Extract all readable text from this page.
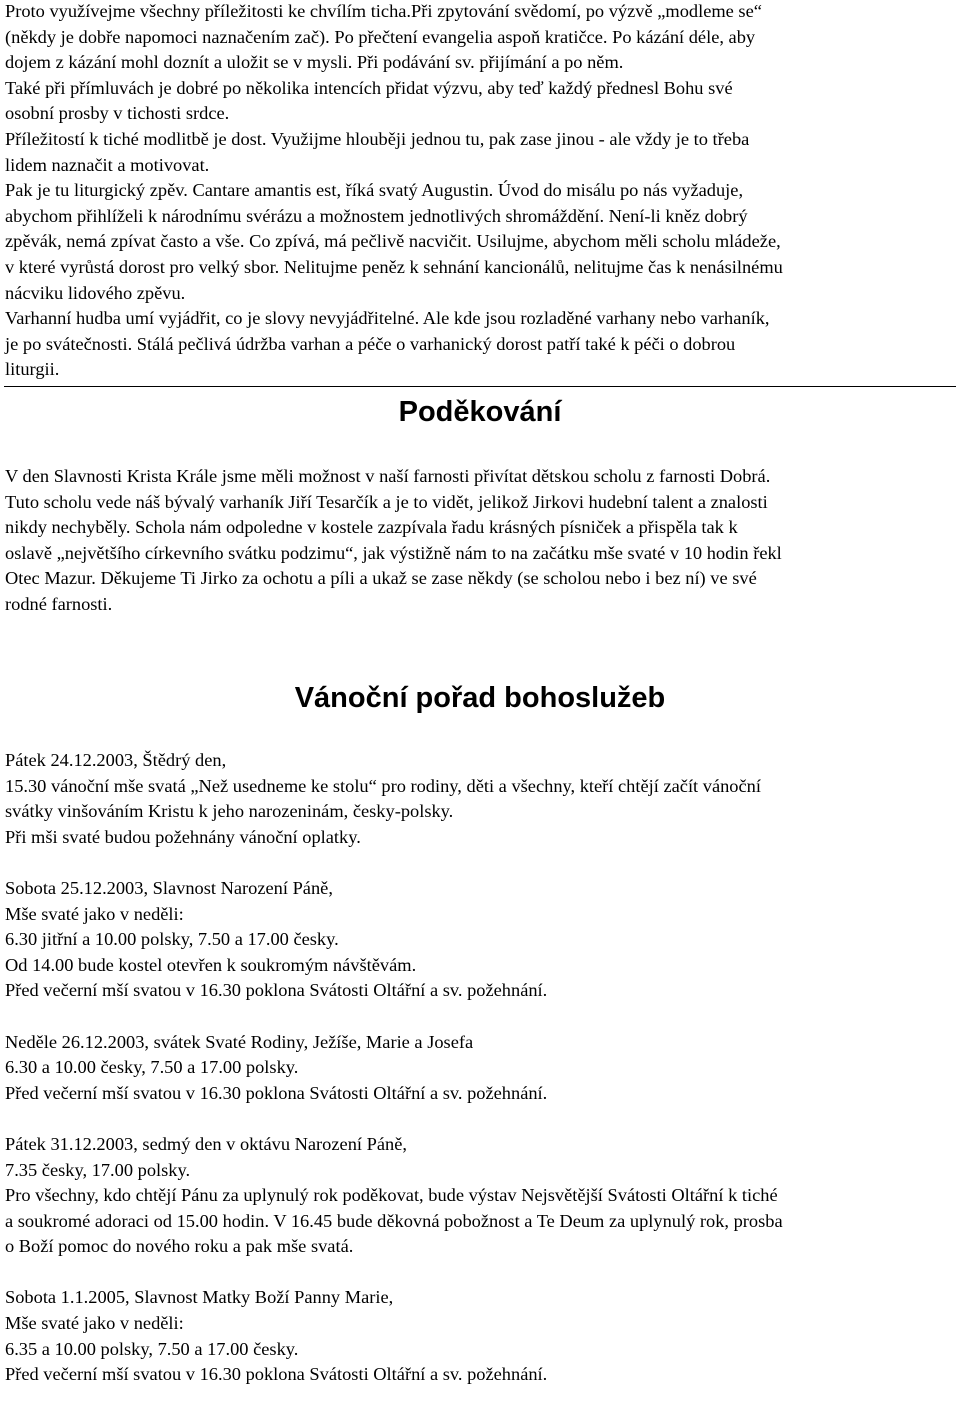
Proto využívejme všechny příležitosti ke chvílím ticha.Při zpytování svědomí, po výzvě „modleme se“
(někdy je dobře napomoci naznačením zač). Po přečtení evangelia aspoň kratičce. Po kázání déle, aby
dojem z kázání mohl doznít a uložit se v mysli. Při podávání sv. přijímání a po něm.
Také při přímluvách je dobré po několika intencích přidat výzvu, aby teď každý přednesl Bohu své
osobní prosby v tichosti srdce.
Příležitostí k tiché modlitbě je dost. Využijme hlouběji jednou tu, pak zase jinou - ale vždy je to třeba
lidem naznačit a motivovat.
Pak je tu liturgický zpěv. Cantare amantis est, říká svatý Augustin. Úvod do misálu po nás vyžaduje,
abychom přihlíželi k národnímu svérázu a možnostem jednotlivých shromáždění. Není-li kněz dobrý
zpěvák, nemá zpívat často a vše. Co zpívá, má pečlivě nacvičit. Usilujme, abychom měli scholu mládeže,
v které vyrůstá dorost pro velký sbor. Nelitujme peněz k sehnání kancionálů, nelitujme čas k nenásilnému
nácviku lidového zpěvu.
Varhanní hudba umí vyjádřit, co je slovy nevyjádřitelné. Ale kde jsou rozladěné varhany nebo varhaník,
je po svátečnosti. Stálá pečlivá údržba varhan a péče o varhanický dorost patří také k péči o dobrou
liturgii.
Poděkování
V den Slavnosti Krista Krále jsme měli možnost v naší farnosti přivítat dětskou scholu z farnosti Dobrá.
Tuto scholu vede náš bývalý varhaník Jiří Tesarčík a je to vidět, jelikož Jirkovi hudební talent a znalosti
nikdy nechyběly. Schola nám odpoledne v kostele zazpívala řadu krásných písniček a přispěla tak k
oslavě „největšího církevního svátku podzimu“, jak výstižně nám to na začátku mše svaté v 10 hodin řekl
Otec Mazur. Děkujeme Ti Jirko za ochotu a píli a ukaž se zase někdy (se scholou nebo i bez ní) ve své
rodné farnosti.
Vánoční pořad bohoslužeb
Pátek 24.12.2003, Štědrý den,
15.30 vánoční mše svatá „Než usedneme ke stolu“ pro rodiny, děti a všechny, kteří chtějí začít vánoční
svátky vinšováním Kristu k jeho narozeninám, česky-polsky.
Při mši svaté budou požehnány vánoční oplatky.
Sobota 25.12.2003, Slavnost Narození Páně,
Mše svaté jako v neděli:
6.30 jitřní a 10.00 polsky, 7.50 a 17.00 česky.
Od 14.00 bude kostel otevřen k soukromým návštěvám.
Před večerní mší svatou v 16.30 poklona Svátosti Oltářní a sv. požehnání.
Neděle 26.12.2003, svátek Svaté Rodiny, Ježíše, Marie a Josefa
6.30 a 10.00 česky, 7.50 a 17.00 polsky.
Před večerní mší svatou v 16.30 poklona Svátosti Oltářní a sv. požehnání.
Pátek 31.12.2003, sedmý den v oktávu Narození Páně,
7.35 česky, 17.00 polsky.
Pro všechny, kdo chtějí Pánu za uplynulý rok poděkovat, bude výstav Nejsvětější Svátosti Oltářní k tiché
a soukromé adoraci od 15.00 hodin. V 16.45 bude děkovná pobožnost a Te Deum za uplynulý rok, prosba
o Boží pomoc do nového roku a pak mše svatá.
Sobota 1.1.2005, Slavnost Matky Boží Panny Marie,
Mše svaté jako v neděli:
6.35 a 10.00 polsky, 7.50 a 17.00 česky.
Před večerní mší svatou v 16.30 poklona Svátosti Oltářní a sv. požehnání.
